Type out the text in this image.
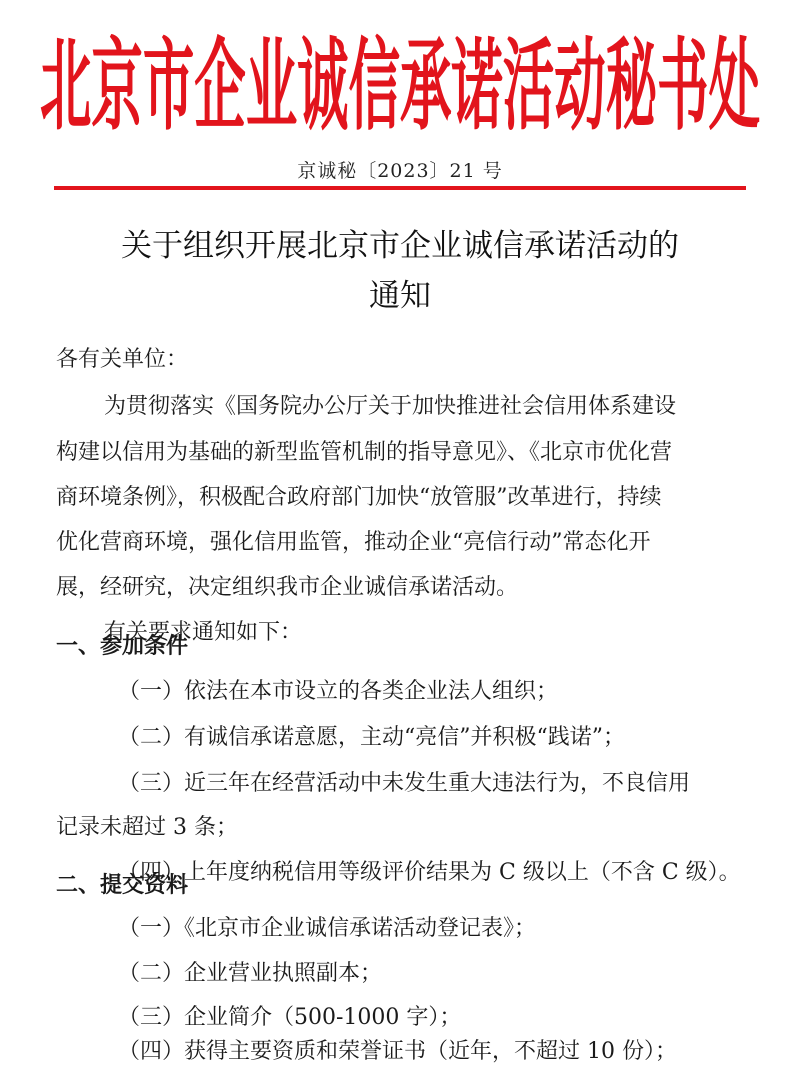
北京市企业诚信承诺活动秘书处
京诚秘〔2023〕21 号
关于组织开展北京市企业诚信承诺活动的
通知
各有关单位：
为贯彻落实《国务院办公厅关于加快推进社会信用体系建设
构建以信用为基础的新型监管机制的指导意见》、《北京市优化营
商环境条例》，积极配合政府部门加快“放管服”改革进行，持续
优化营商环境，强化信用监管，推动企业“亮信行动”常态化开
展，经研究，决定组织我市企业诚信承诺活动。
有关要求通知如下：
一、参加条件
（一）依法在本市设立的各类企业法人组织；
（二）有诚信承诺意愿，主动“亮信”并积极“践诺”；
（三）近三年在经营活动中未发生重大违法行为，不良信用
记录未超过 3 条；
（四）上年度纳税信用等级评价结果为 C 级以上（不含 C 级）。
二、提交资料
（一）《北京市企业诚信承诺活动登记表》；
（二）企业营业执照副本；
（三）企业简介（500-1000 字）；
（四）获得主要资质和荣誉证书（近年，不超过 10 份）；
